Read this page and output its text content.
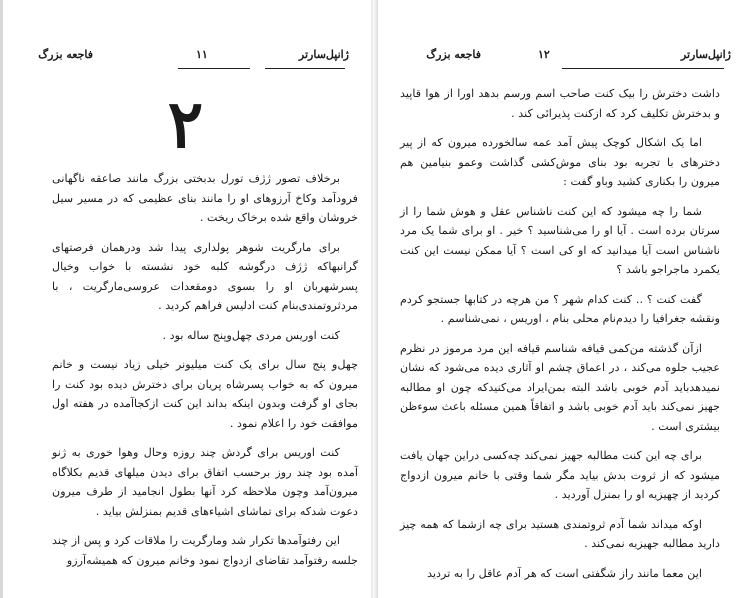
فاجعه بزرگ	۱۱	ژانپل‌سارتر
۲

برخلاف تصور ژژف تورل بدبختی بزرگ مانند صاعقه ناگهانی فرودآمد وکاخ آرزوهای او را مانند بنای عظیمی که در مسیر سیل خروشان واقع شده برخاک ریخت .

برای مارگریت شوهر پولداری پیدا شد ودرهمان فرصتهای گرانبهاکه ژژف درگوشه کلبه خود نشسته با خواب وخیال پسرشهربان او را بسوی دومقعدات عروسی‌مارگریت ، با مردثروتمندی‌بنام کنت ادلیس فراهم کردید .

کنت اوریس مردی چهل‌وپنج ساله بود .

چهل‌و پنج سال برای یک کنت میلیونر خیلی زیاد نیست و خانم میرون که به خواب پسرشاه پریان برای دخترش دیده بود کنت را بجای او گرفت وبدون اینکه بداند این کنت ازکجاآمده در هفته اول موافقت خود را اعلام نمود .

کنت اوریس برای گردش چند روزه وحال وهوا خوری به ژنو آمده بود چند روز برحسب اتفاق برای دیدن میلهای قدیم بکلاگاه میرون‌آمد وچون ملاحظه کرد آنها بطول انجامید از طرف میرون دعوت شدکه برای تماشای اشیاءهای قدیم بمنزلش بیاید .

این رفتوآمدها تکرار شد ومارگریت را ملاقات کرد و پس از چند جلسه رفتوآمد تقاضای ازدواج نمود وخانم میرون که همیشه‌آرزو

فاجعه بزرگ	۱۲	ژانپل‌سارتر

داشت دخترش را بیک کنت صاحب اسم ورسم بدهد اورا از هوا قاپید و بدخترش تکلیف کرد که ازکنت پذیرائی کند .

اما یک اشکال کوچک پیش آمد عمه سالخورده میرون که از پیر دخترهای با تجربه بود بنای موش‌کشی گذاشت وعمو بنیامین هم میرون را بکناری کشید وباو گفت :

شما را چه میشود که این کنت ناشناس عقل و هوش شما را از سرتان برده است . آیا او را می‌شناسید ؟ خیر . او برای شما یک مرد ناشناس است آیا میدانید که او کی است ؟ آیا ممکن نیست این کنت یکمرد ماجراجو باشد ؟

گفت کنت ؟ .. کنت کدام شهر ؟ من هرچه در کتابها جستجو کردم ونقشه جغرافیا را دیدم‌نام محلی بنام ، اوریس ، نمی‌شناسم .

ازآن گذشته من‌کمی قیافه شناسم قیافه این مرد مرموز در نظرم عجیب جلوه می‌کند ، در اعماق چشم او آثاری دیده می‌شود که نشان نمیدهدباید آدم خوبی باشد البته بمن‌ایراد می‌کنیدکه چون او مطالبه جهیز نمی‌کند باید آدم خوبی باشد و اتفاقاً همین مسئله باعث سوءظن بیشتری است .

برای چه این کنت مطالبه جهیز نمی‌کند چه‌کسی دراین جهان یافت میشود که از ثروت بدش بیاید مگر شما وقتی با خانم میرون ازدواج کردید از چهیزیه او را بمنزل آوردید .

اوکه میداند شما آدم ثروتمندی هستید برای چه ازشما که همه چیز دارید مطالبه جهیزیه نمی‌کند .

این معما مانند راز شگفتی است که هر آدم عاقل را به تردید
